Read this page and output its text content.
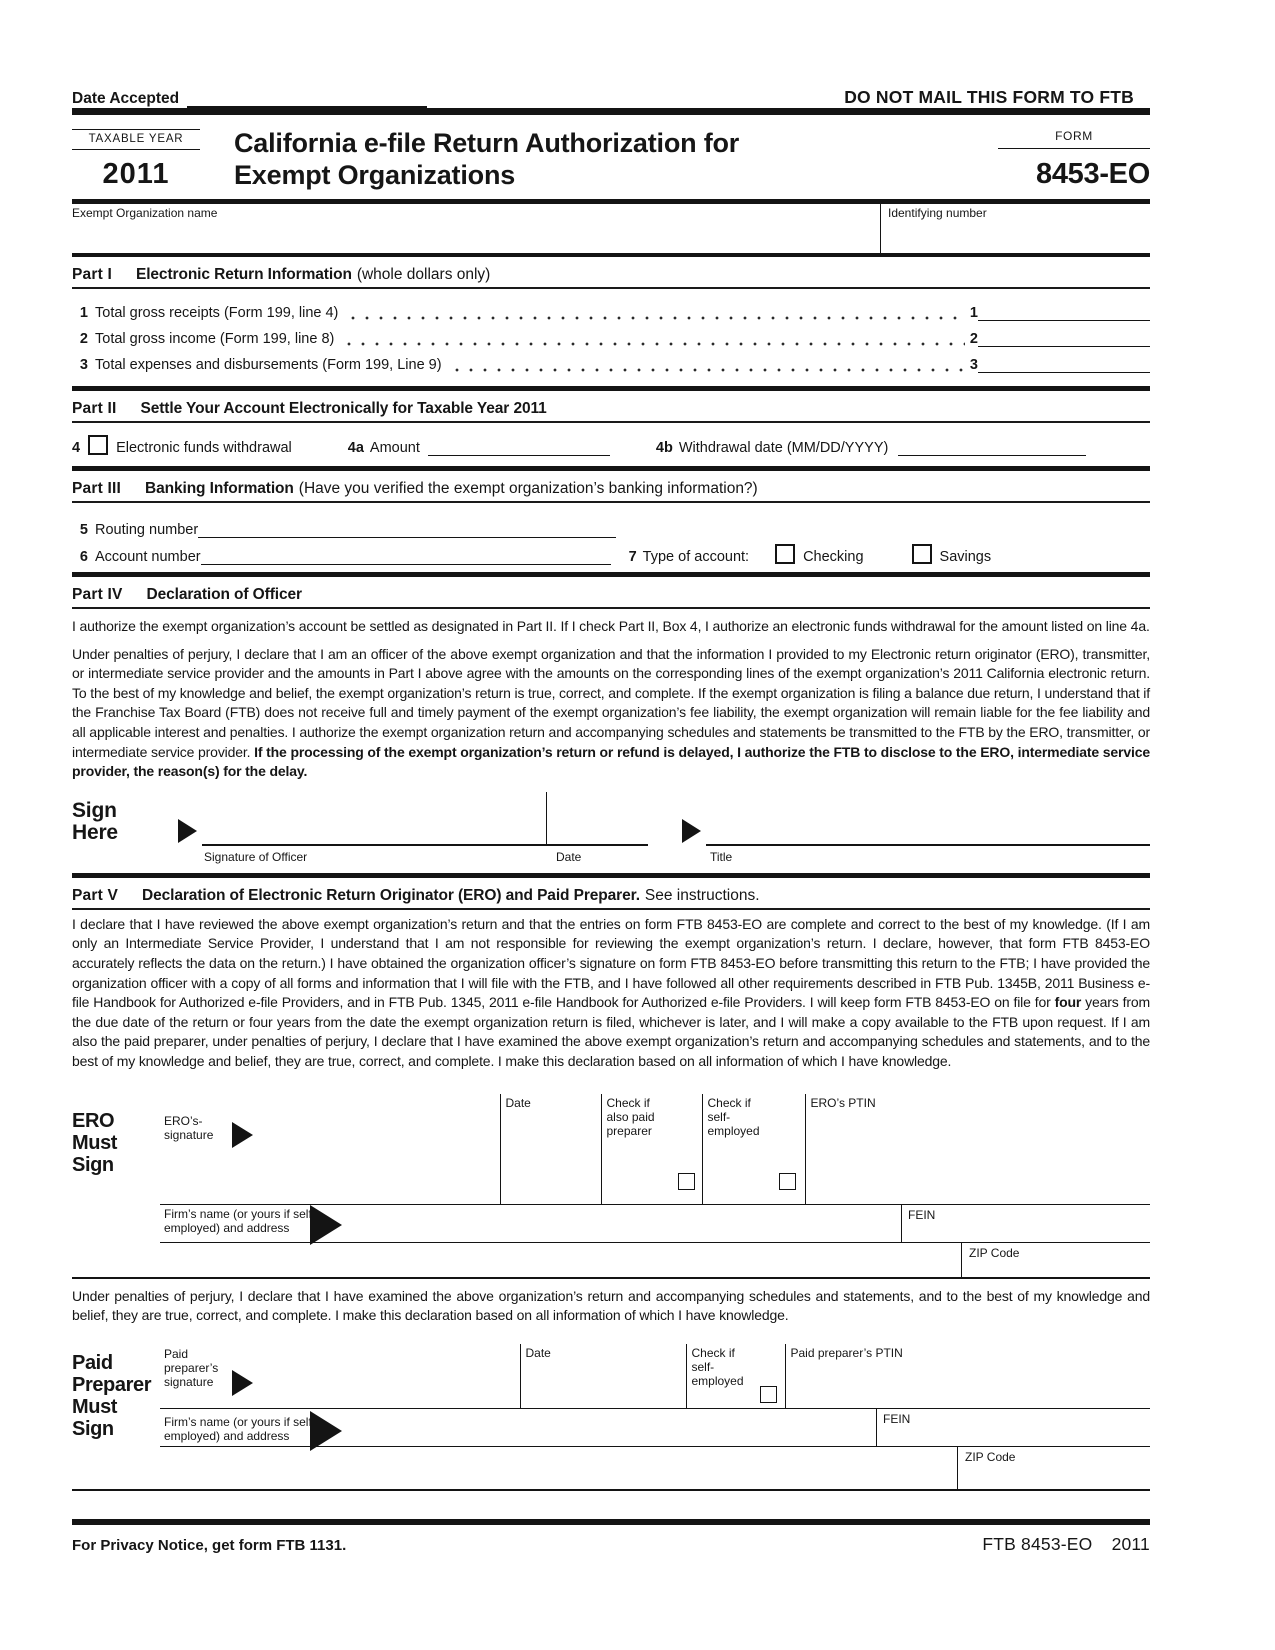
Date Accepted	DO NOT MAIL THIS FORM TO FTB
TAXABLE YEAR
2011
California e-file Return Authorization for
Exempt Organizations
FORM
8453-EO
Exempt Organization name	Identifying number
Part I Electronic Return Information (whole dollars only)
1 Total gross receipts (Form 199, line 4)	1
2 Total gross income (Form 199, line 8)	2
3 Total expenses and disbursements (Form 199, Line 9)	3
Part II Settle Your Account Electronically for Taxable Year 2011
4 Electronic funds withdrawal	4a Amount	4b Withdrawal date (MM/DD/YYYY)
Part III Banking Information (Have you verified the exempt organization’s banking information?)
5 Routing number
6 Account number	7 Type of account:	Checking	Savings
Part IV Declaration of Officer
I authorize the exempt organization’s account be settled as designated in Part II. If I check Part II, Box 4, I authorize an electronic funds withdrawal for the amount listed on line 4a.
Under penalties of perjury, I declare that I am an officer of the above exempt organization and that the information I provided to my Electronic return originator (ERO), transmitter, or intermediate service provider and the amounts in Part I above agree with the amounts on the corresponding lines of the exempt organization’s 2011 California electronic return. To the best of my knowledge and belief, the exempt organization’s return is true, correct, and complete. If the exempt organization is filing a balance due return, I understand that if the Franchise Tax Board (FTB) does not receive full and timely payment of the exempt organization’s fee liability, the exempt organization will remain liable for the fee liability and all applicable interest and penalties. I authorize the exempt organization return and accompanying schedules and statements be transmitted to the FTB by the ERO, transmitter, or intermediate service provider. If the processing of the exempt organization’s return or refund is delayed, I authorize the FTB to disclose to the ERO, intermediate service provider, the reason(s) for the delay.
Sign
Here
Signature of Officer	Date	Title
Part V Declaration of Electronic Return Originator (ERO) and Paid Preparer. See instructions.
I declare that I have reviewed the above exempt organization’s return and that the entries on form FTB 8453-EO are complete and correct to the best of my knowledge. (If I am only an Intermediate Service Provider, I understand that I am not responsible for reviewing the exempt organization’s return. I declare, however, that form FTB 8453-EO accurately reflects the data on the return.) I have obtained the organization officer’s signature on form FTB 8453-EO before transmitting this return to the FTB; I have provided the organization officer with a copy of all forms and information that I will file with the FTB, and I have followed all other requirements described in FTB Pub. 1345B, 2011 Business e-file Handbook for Authorized e-file Providers, and in FTB Pub. 1345, 2011 e-file Handbook for Authorized e-file Providers. I will keep form FTB 8453-EO on file for four years from the due date of the return or four years from the date the exempt organization return is filed, whichever is later, and I will make a copy available to the FTB upon request. If I am also the paid preparer, under penalties of perjury, I declare that I have examined the above exempt organization’s return and accompanying schedules and statements, and to the best of my knowledge and belief, they are true, correct, and complete. I make this declaration based on all information of which I have knowledge.
ERO
Must
Sign
ERO’s- signature
Date	Check if also paid preparer
Check if self- employed
ERO’s PTIN
FEIN
ZIP Code
Firm’s name (or yours if self-employed) and address
Under penalties of perjury, I declare that I have examined the above organization’s return and accompanying schedules and statements, and to the best of my knowledge and belief, they are true, correct, and complete. I make this declaration based on all information of which I have knowledge.
Paid
Preparer
Must
Sign
Paid preparer’s signature
Date	Check if self- employed
Paid preparer’s PTIN
FEIN
ZIP Code
Firm’s name (or yours if self-employed) and address
For Privacy Notice, get form FTB 1131.	FTB 8453-EO 2011
